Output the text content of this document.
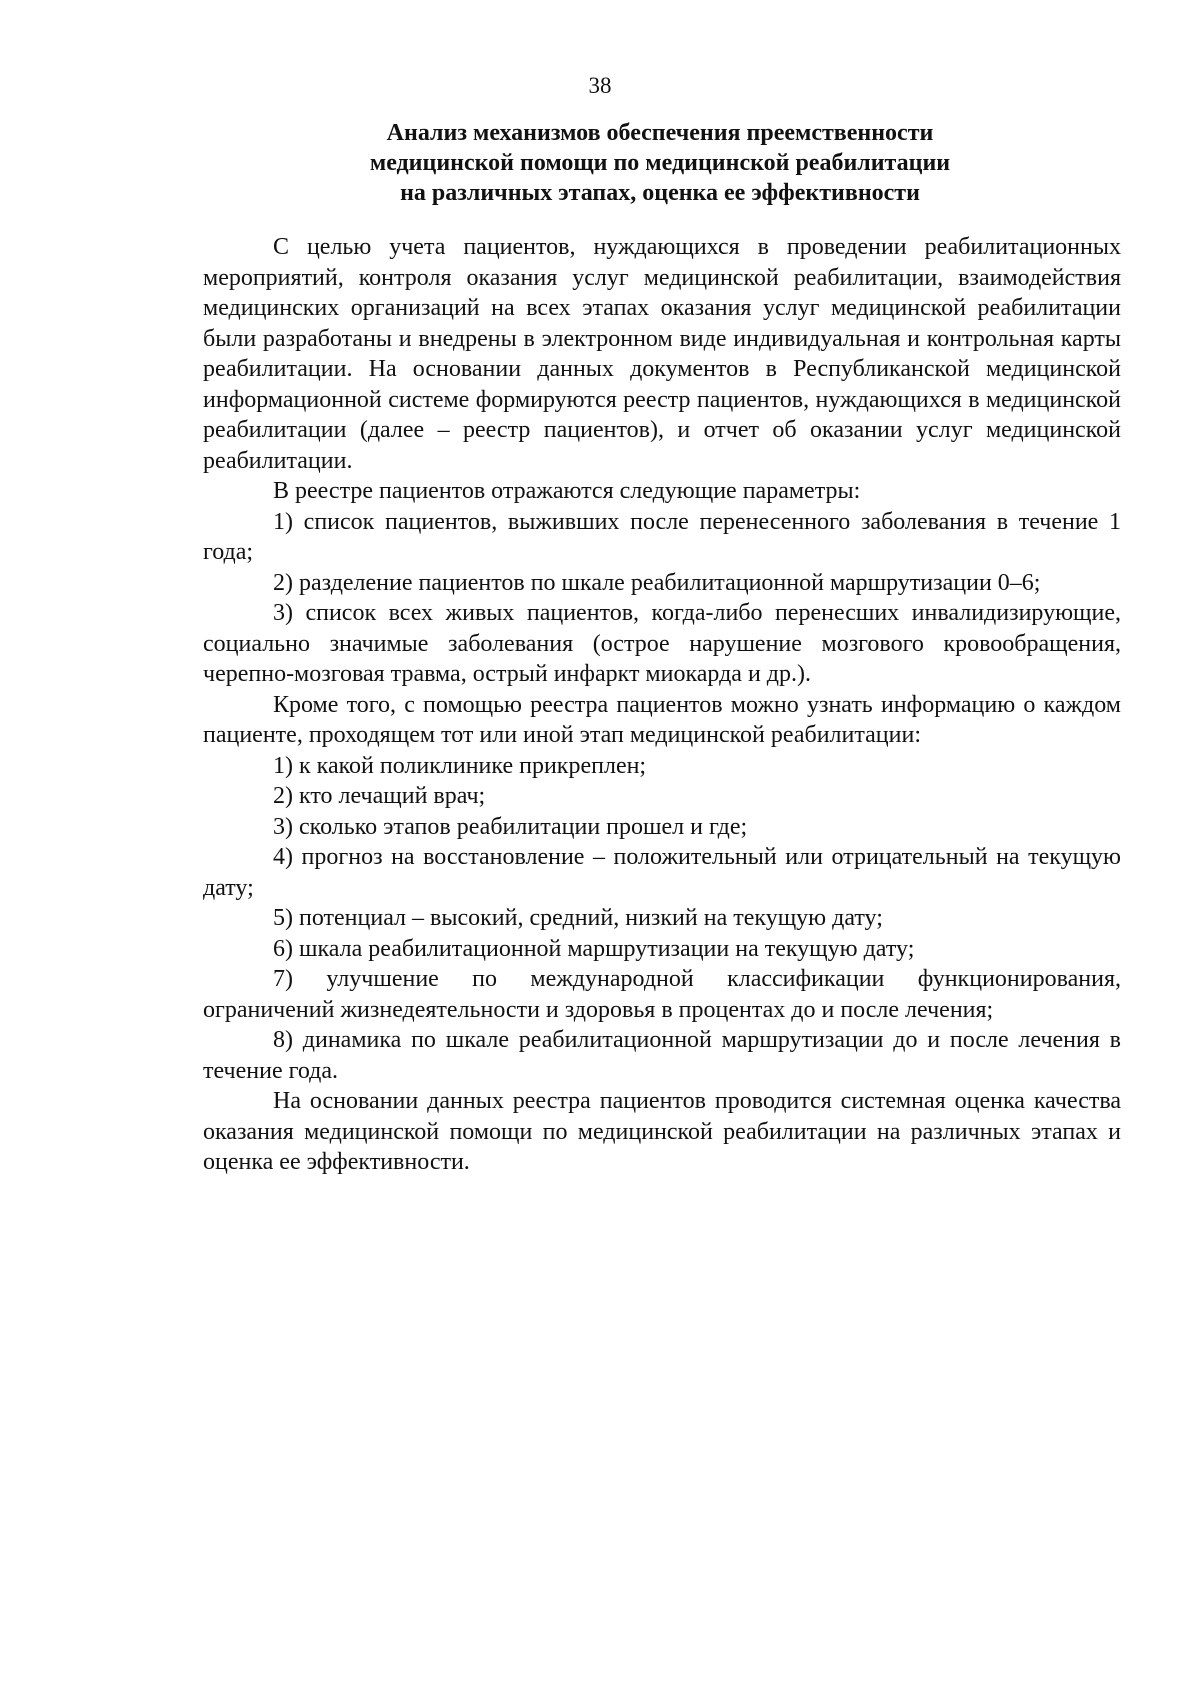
38
Анализ механизмов обеспечения преемственности
медицинской помощи по медицинской реабилитации
на различных этапах, оценка ее эффективности

С целью учета пациентов, нуждающихся в проведении реабилитационных мероприятий, контроля оказания услуг медицинской реабилитации, взаимодействия медицинских организаций на всех этапах оказания услуг медицинской реабилитации были разработаны и внедрены в электронном виде индивидуальная и контрольная карты реабилитации. На основании данных документов в Республиканской медицинской информационной системе формируются реестр пациентов, нуждающихся в медицинской реабилитации (далее – реестр пациентов), и отчет об оказании услуг медицинской реабилитации.

В реестре пациентов отражаются следующие параметры:

1) список пациентов, выживших после перенесенного заболевания в течение 1 года;

2) разделение пациентов по шкале реабилитационной маршрутизации 0–6;

3) список всех живых пациентов, когда-либо перенесших инвалидизирующие, социально значимые заболевания (острое нарушение мозгового кровообращения, черепно-мозговая травма, острый инфаркт миокарда и др.).

Кроме того, с помощью реестра пациентов можно узнать информацию о каждом пациенте, проходящем тот или иной этап медицинской реабилитации:

1) к какой поликлинике прикреплен;

2) кто лечащий врач;

3) сколько этапов реабилитации прошел и где;

4) прогноз на восстановление – положительный или отрицательный на текущую дату;

5) потенциал – высокий, средний, низкий на текущую дату;

6) шкала реабилитационной маршрутизации на текущую дату;

7) улучшение по международной классификации функционирования, ограничений жизнедеятельности и здоровья в процентах до и после лечения;

8) динамика по шкале реабилитационной маршрутизации до и после лечения в течение года.

На основании данных реестра пациентов проводится системная оценка качества оказания медицинской помощи по медицинской реабилитации на различных этапах и оценка ее эффективности.
